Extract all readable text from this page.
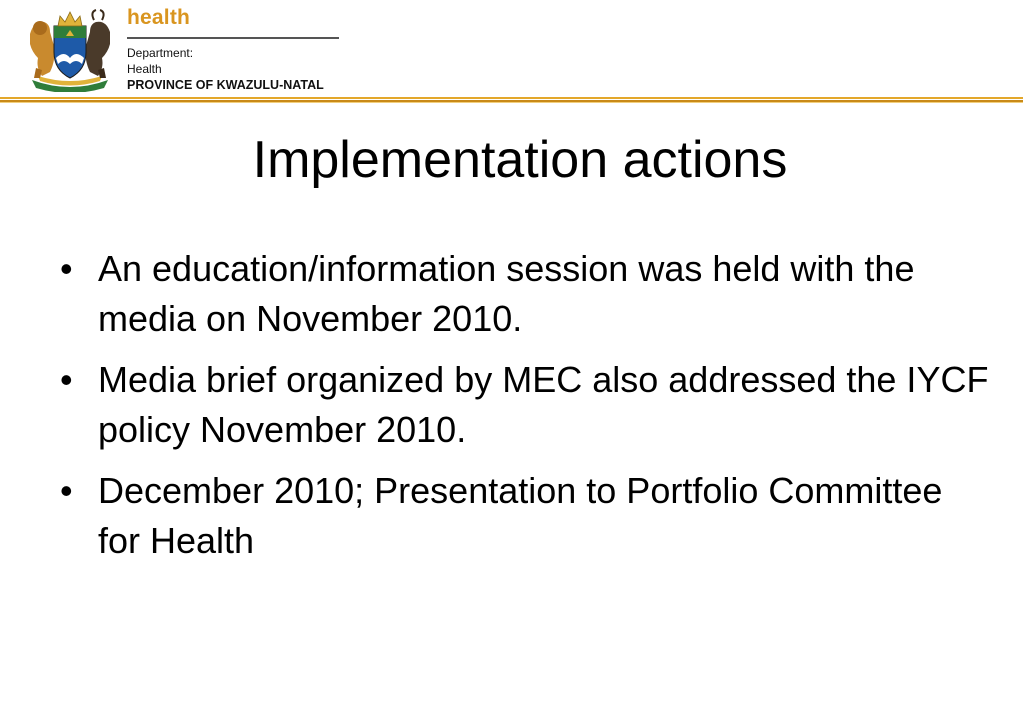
health
Department:
Health
PROVINCE OF KWAZULU-NATAL
Implementation actions
• An education/information session was held with the media on November 2010.
• Media brief organized by MEC also addressed the IYCF policy November 2010.
• December 2010; Presentation to Portfolio Committee for Health
